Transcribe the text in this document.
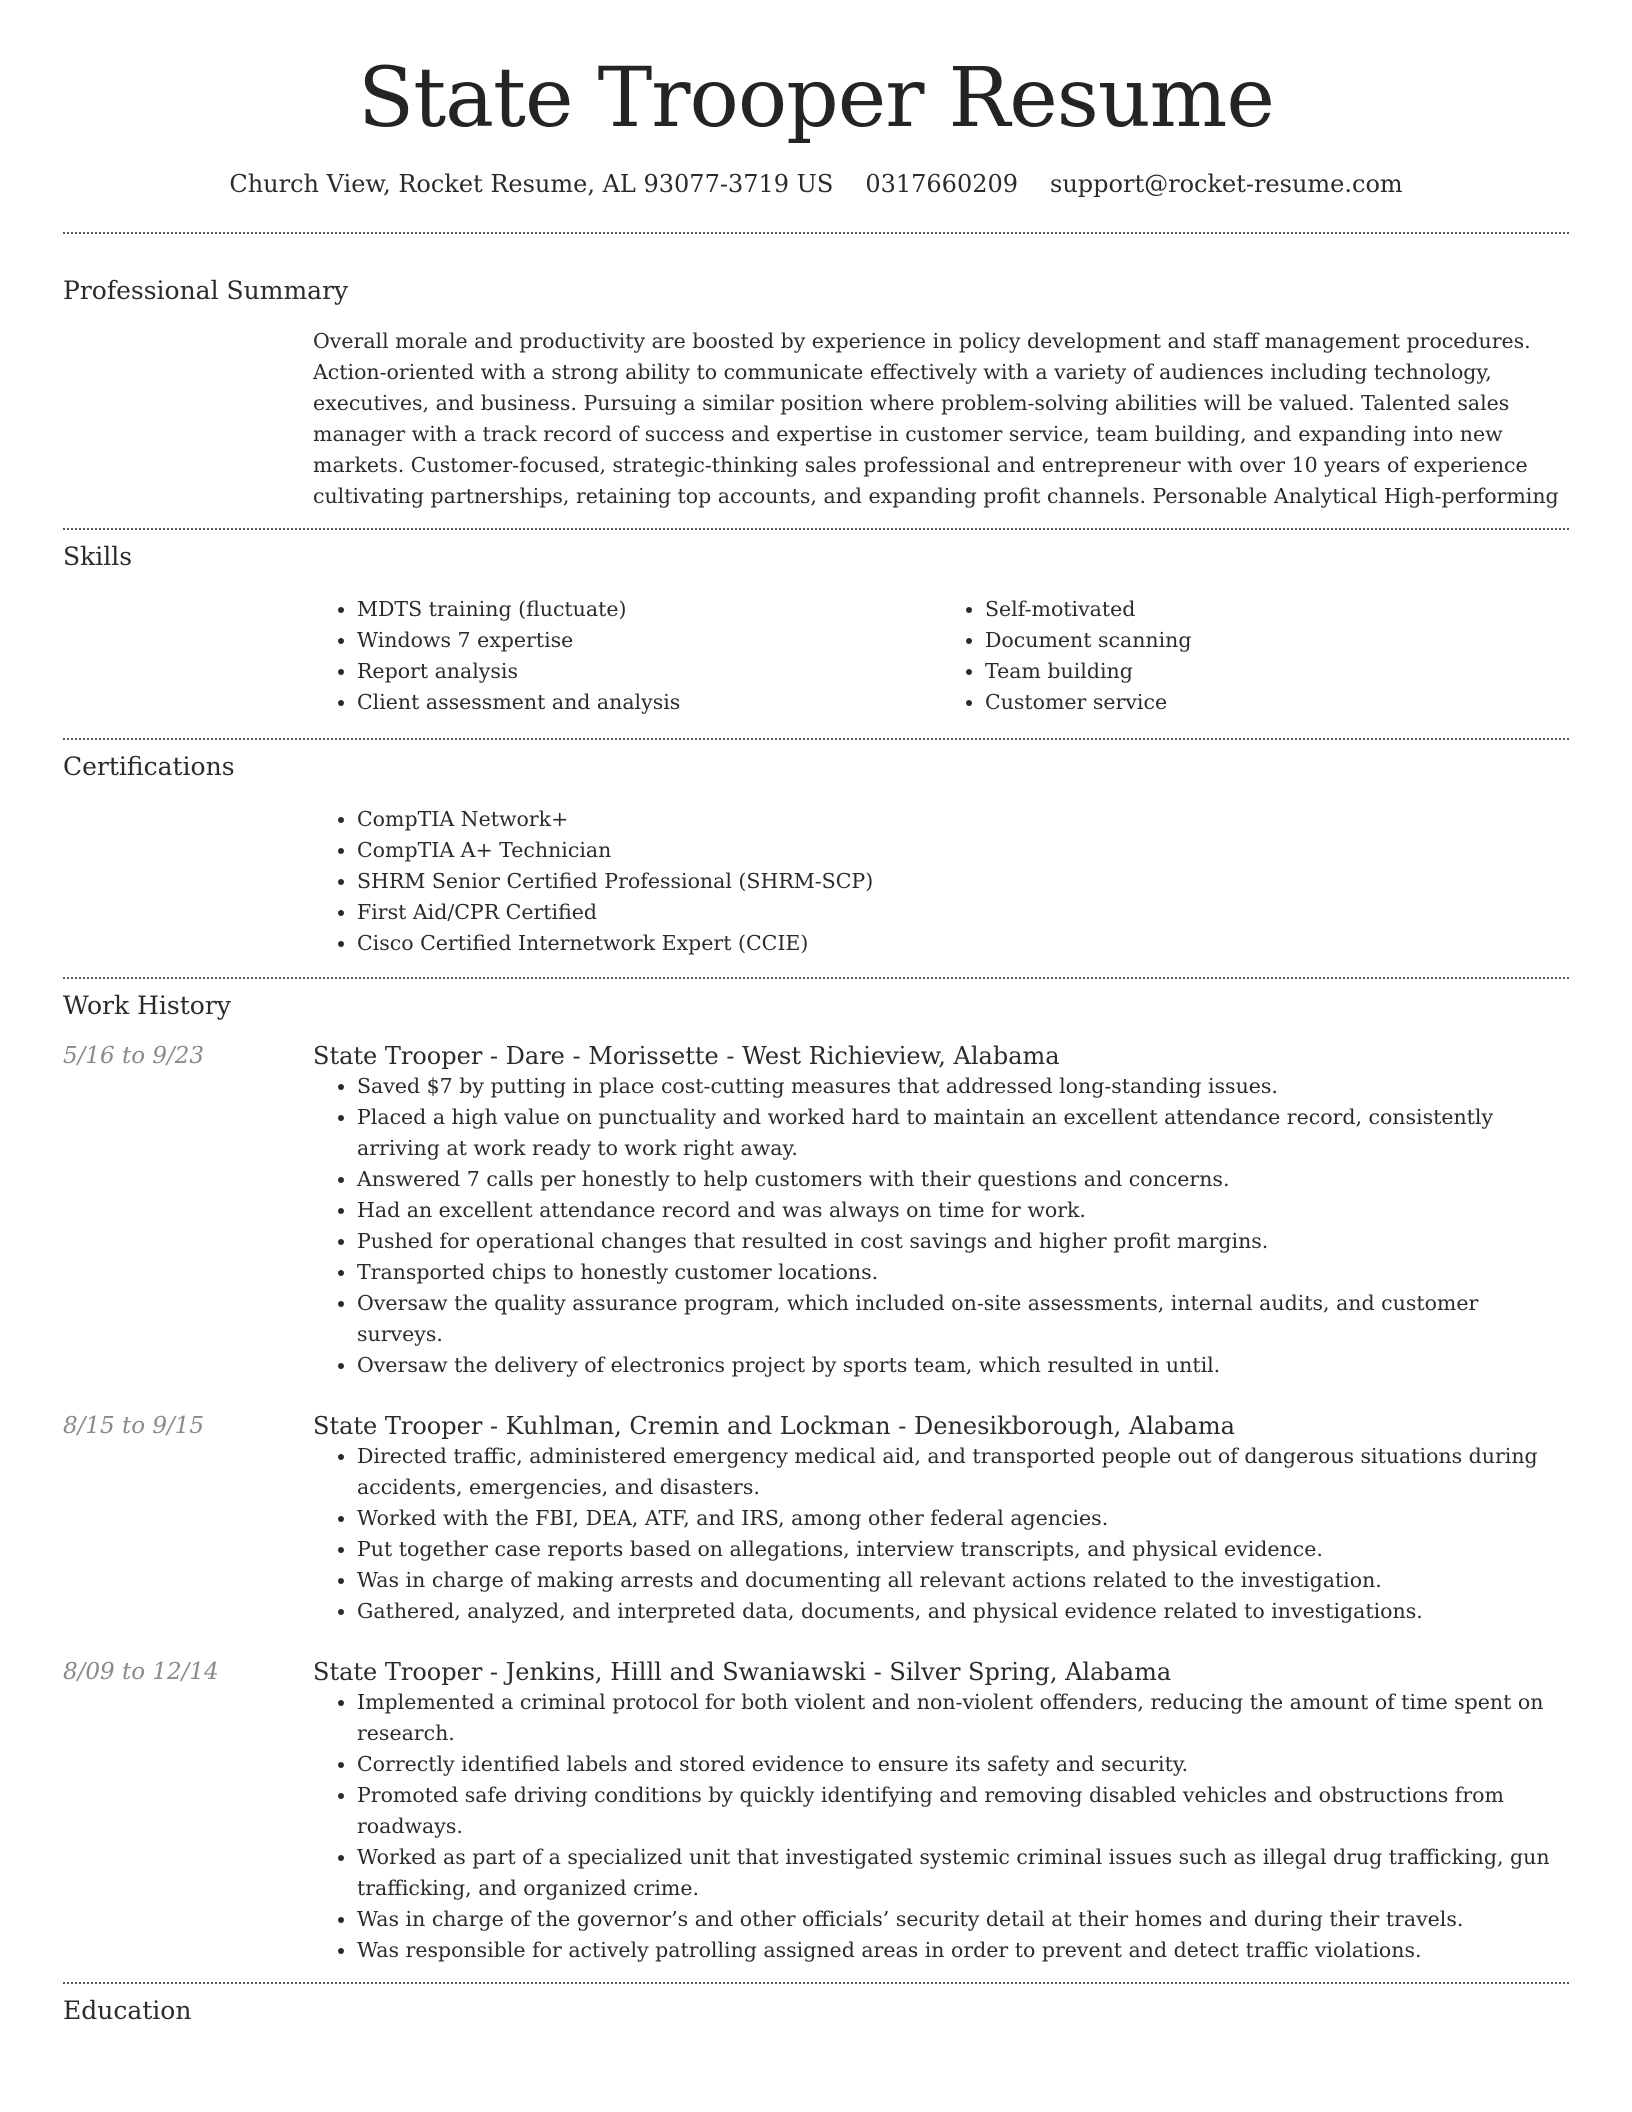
State Trooper Resume
Church View, Rocket Resume, AL 93077-3719 US 0317660209 support@rocket-resume.com
Professional Summary
Overall morale and productivity are boosted by experience in policy development and staff management procedures. Action-oriented with a strong ability to communicate effectively with a variety of audiences including technology, executives, and business. Pursuing a similar position where problem-solving abilities will be valued. Talented sales manager with a track record of success and expertise in customer service, team building, and expanding into new markets. Customer-focused, strategic-thinking sales professional and entrepreneur with over 10 years of experience cultivating partnerships, retaining top accounts, and expanding profit channels. Personable Analytical High-performing
Skills
• MDTS training (fluctuate)
• Windows 7 expertise
• Report analysis
• Client assessment and analysis
• Self-motivated
• Document scanning
• Team building
• Customer service
Certifications
• CompTIA Network+
• CompTIA A+ Technician
• SHRM Senior Certified Professional (SHRM-SCP)
• First Aid/CPR Certified
• Cisco Certified Internetwork Expert (CCIE)
Work History
5/16 to 9/23	State Trooper - Dare - Morissette - West Richieview, Alabama
• Saved $7 by putting in place cost-cutting measures that addressed long-standing issues.
• Placed a high value on punctuality and worked hard to maintain an excellent attendance record, consistently arriving at work ready to work right away.
• Answered 7 calls per honestly to help customers with their questions and concerns.
• Had an excellent attendance record and was always on time for work.
• Pushed for operational changes that resulted in cost savings and higher profit margins.
• Transported chips to honestly customer locations.
• Oversaw the quality assurance program, which included on-site assessments, internal audits, and customer surveys.
• Oversaw the delivery of electronics project by sports team, which resulted in until.
8/15 to 9/15	State Trooper - Kuhlman, Cremin and Lockman - Denesikborough, Alabama
• Directed traffic, administered emergency medical aid, and transported people out of dangerous situations during accidents, emergencies, and disasters.
• Worked with the FBI, DEA, ATF, and IRS, among other federal agencies.
• Put together case reports based on allegations, interview transcripts, and physical evidence.
• Was in charge of making arrests and documenting all relevant actions related to the investigation.
• Gathered, analyzed, and interpreted data, documents, and physical evidence related to investigations.
8/09 to 12/14	State Trooper - Jenkins, Hilll and Swaniawski - Silver Spring, Alabama
• Implemented a criminal protocol for both violent and non-violent offenders, reducing the amount of time spent on research.
• Correctly identified labels and stored evidence to ensure its safety and security.
• Promoted safe driving conditions by quickly identifying and removing disabled vehicles and obstructions from roadways.
• Worked as part of a specialized unit that investigated systemic criminal issues such as illegal drug trafficking, gun trafficking, and organized crime.
• Was in charge of the governor’s and other officials’ security detail at their homes and during their travels.
• Was responsible for actively patrolling assigned areas in order to prevent and detect traffic violations.
Education
